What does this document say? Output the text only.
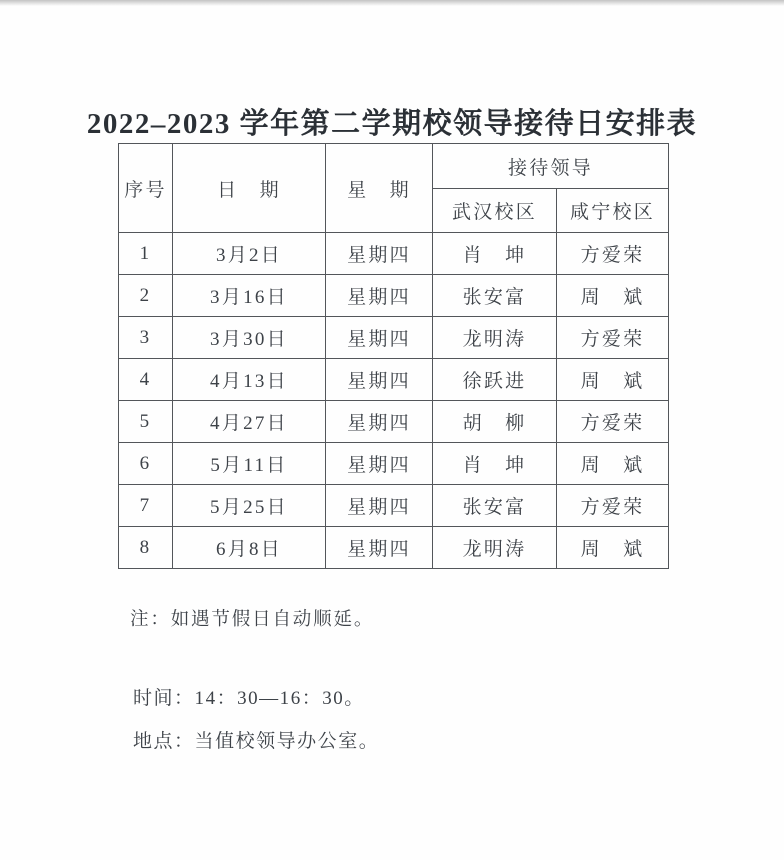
2022–2023 学年第二学期校领导接待日安排表
序号	日　期	星　期	接待领导	
			武汉校区	咸宁校区
1	3月2日	星期四	肖　坤	方爱荣
2	3月16日	星期四	张安富	周　斌
3	3月30日	星期四	龙明涛	方爱荣
4	4月13日	星期四	徐跃进	周　斌
5	4月27日	星期四	胡　柳	方爱荣
6	5月11日	星期四	肖　坤	周　斌
7	5月25日	星期四	张安富	方爱荣
8	6月8日	星期四	龙明涛	周　斌

注：如遇节假日自动顺延。

时间：14：30—16：30。

地点：当值校领导办公室。
